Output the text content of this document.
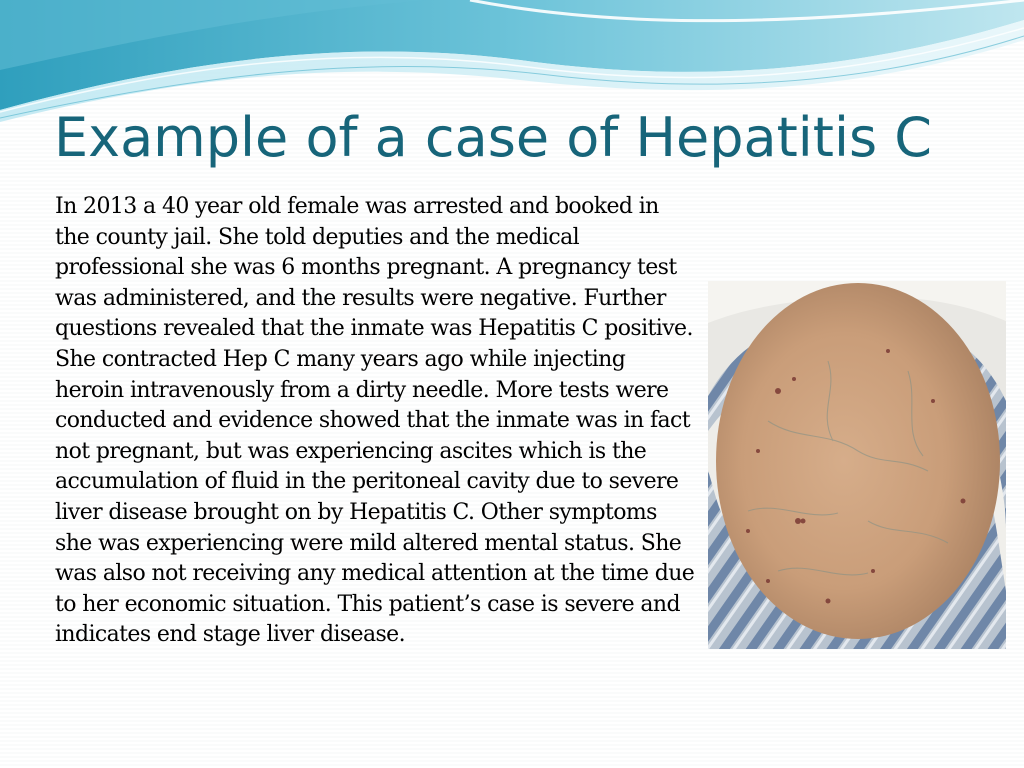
Example of a case of Hepatitis C

In 2013 a 40 year old female was arrested and booked in the county jail. She told deputies and the medical professional she was 6 months pregnant. A pregnancy test was administered, and the results were negative. Further questions revealed that the inmate was Hepatitis C positive. She contracted Hep C many years ago while injecting heroin intravenously from a dirty needle. More tests were conducted and evidence showed that the inmate was in fact not pregnant, but was experiencing ascites which is the accumulation of fluid in the peritoneal cavity due to severe liver disease brought on by Hepatitis C. Other symptoms she was experiencing were mild altered mental status. She was also not receiving any medical attention at the time due to her economic situation. This patient’s case is severe and indicates end stage liver disease.
